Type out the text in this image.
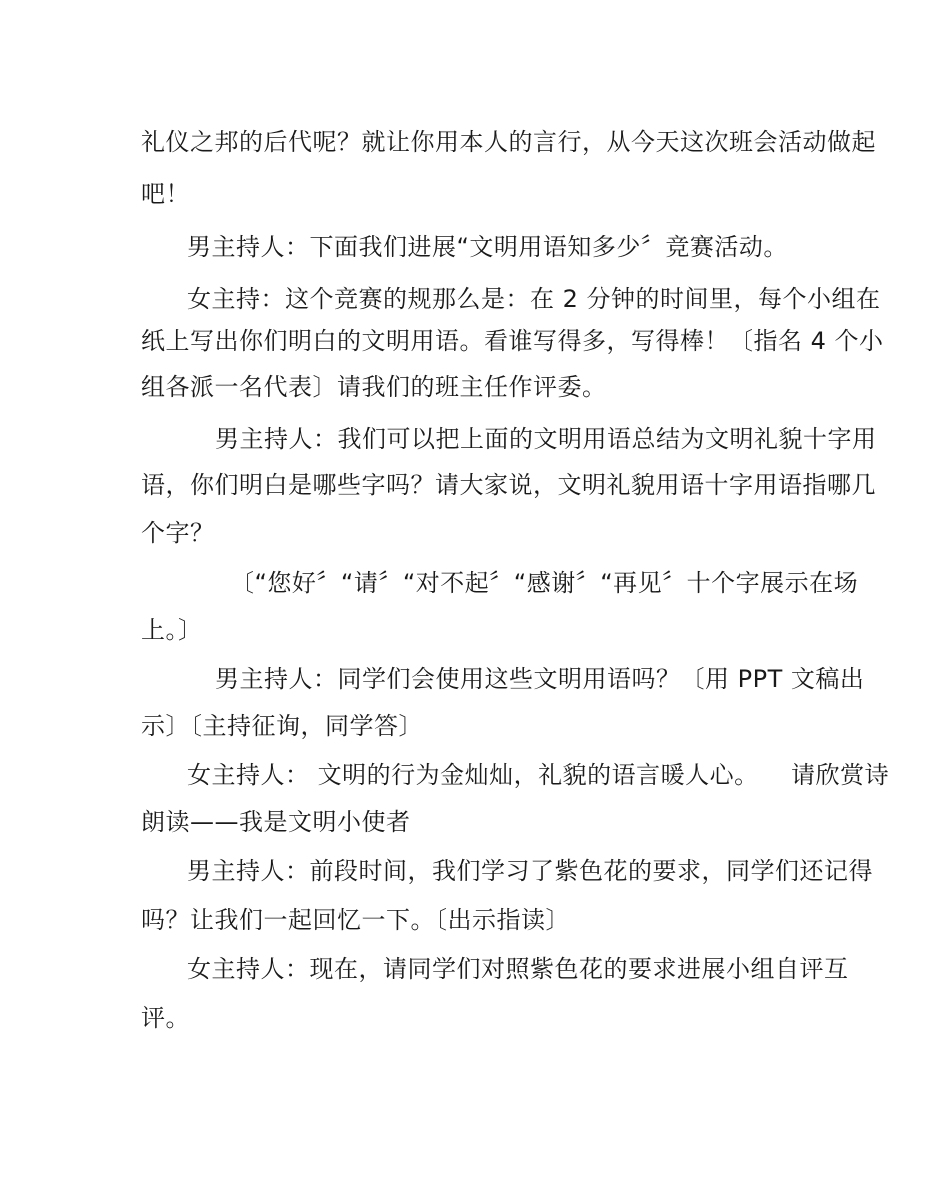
礼仪之邦的后代呢？就让你用本人的言行，从今天这次班会活动做起
吧！
男主持人：下面我们进展“文明用语知多少〞竞赛活动。
女主持：这个竞赛的规那么是：在 2 分钟的时间里，每个小组在
纸上写出你们明白的文明用语。看谁写得多，写得棒！〔指名 4 个小
组各派一名代表〕请我们的班主任作评委。
男主持人：我们可以把上面的文明用语总结为文明礼貌十字用
语，你们明白是哪些字吗？请大家说，文明礼貌用语十字用语指哪几
个字？
〔“您好〞“请〞“对不起〞“感谢〞“再见〞十个字展示在场
上。〕
男主持人：同学们会使用这些文明用语吗？〔用 PPT 文稿出
示〕〔主持征询，同学答〕
女主持人： 文明的行为金灿灿，礼貌的语言暖人心。    请欣赏诗
朗读——我是文明小使者
男主持人：前段时间，我们学习了紫色花的要求，同学们还记得
吗？让我们一起回忆一下。〔出示指读〕
女主持人：现在，请同学们对照紫色花的要求进展小组自评互
评。
